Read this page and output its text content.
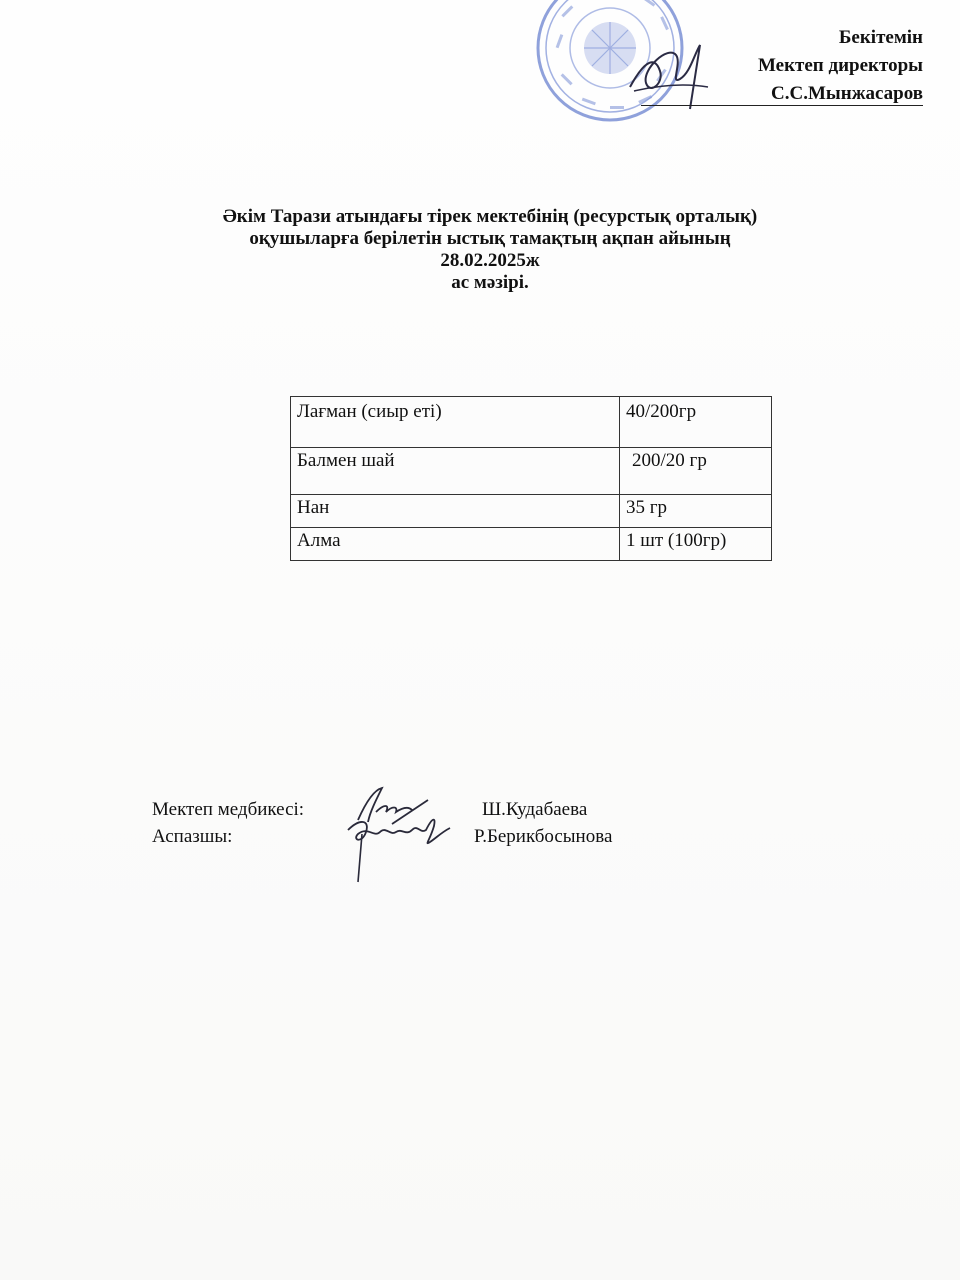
Бекітемін
Мектеп директоры
С.С.Мынжасаров
Әкім Тарази атындағы тірек мектебінің (ресурстық орталық)
оқушыларға берілетін ыстық тамақтың ақпан айының
28.02.2025ж
ас мәзірі.
Лағман (сиыр еті)	40/200гр
Балмен шай	200/20 гр
Нан	35 гр
Алма	1 шт (100гр)
Мектеп медбикесі:	Ш.Кудабаева
Аспазшы:	Р.Берикбосынова
